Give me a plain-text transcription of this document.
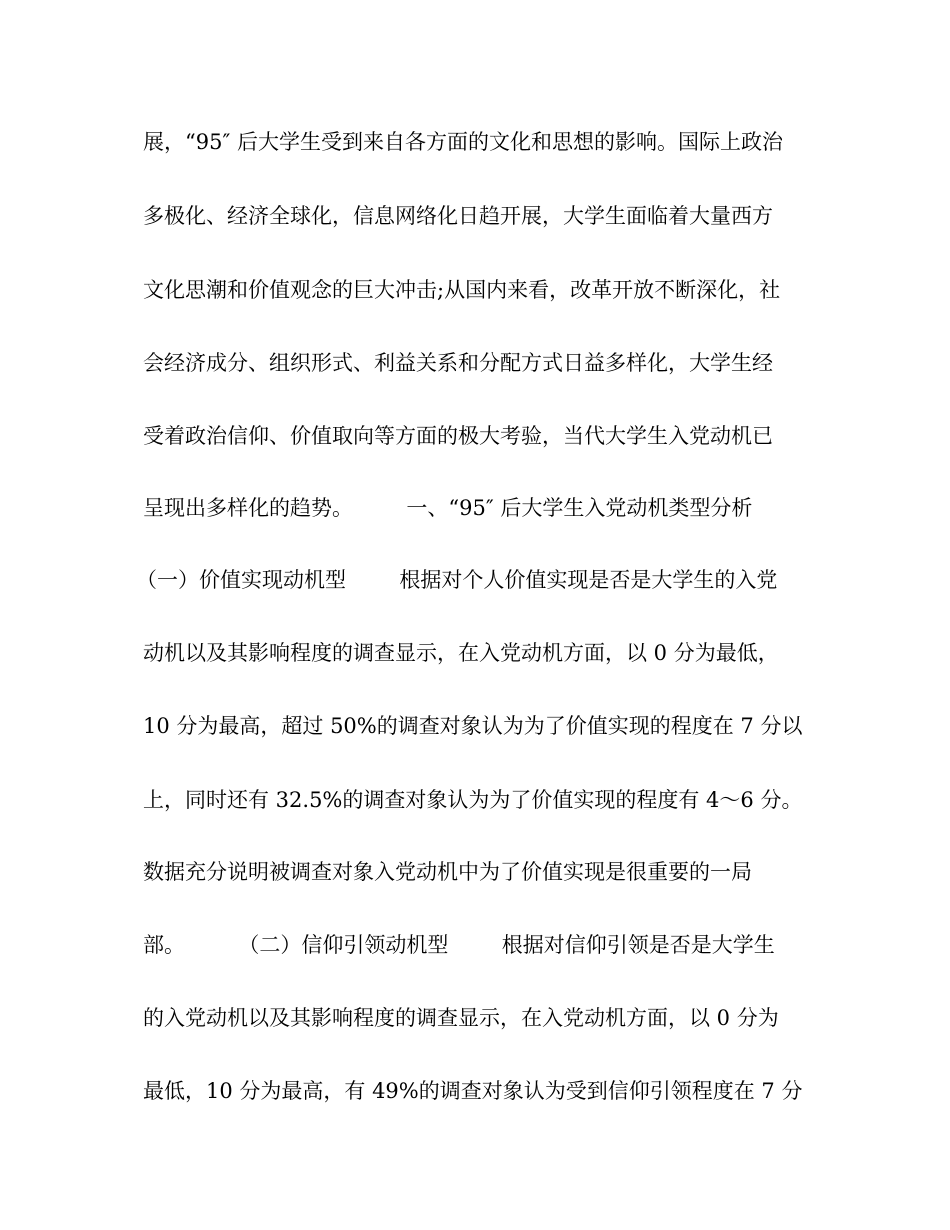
展，“95″ 后大学生受到来自各方面的文化和思想的影响。国际上政治
多极化、经济全球化，信息网络化日趋开展，大学生面临着大量西方
文化思潮和价值观念的巨大冲击;从国内来看，改革开放不断深化，社
会经济成分、组织形式、利益关系和分配方式日益多样化，大学生经
受着政治信仰、价值取向等方面的极大考验，当代大学生入党动机已
呈现出多样化的趋势。        一、“95″ 后大学生入党动机类型分析
（一）价值实现动机型        根据对个人价值实现是否是大学生的入党
动机以及其影响程度的调查显示，在入党动机方面，以 0 分为最低，
10 分为最高，超过 50%的调查对象认为为了价值实现的程度在 7 分以
上，同时还有 32.5%的调查对象认为为了价值实现的程度有 4～6 分。
数据充分说明被调查对象入党动机中为了价值实现是很重要的一局
部。        （二）信仰引领动机型        根据对信仰引领是否是大学生
的入党动机以及其影响程度的调查显示，在入党动机方面，以 0 分为
最低，10 分为最高，有 49%的调查对象认为受到信仰引领程度在 7 分
